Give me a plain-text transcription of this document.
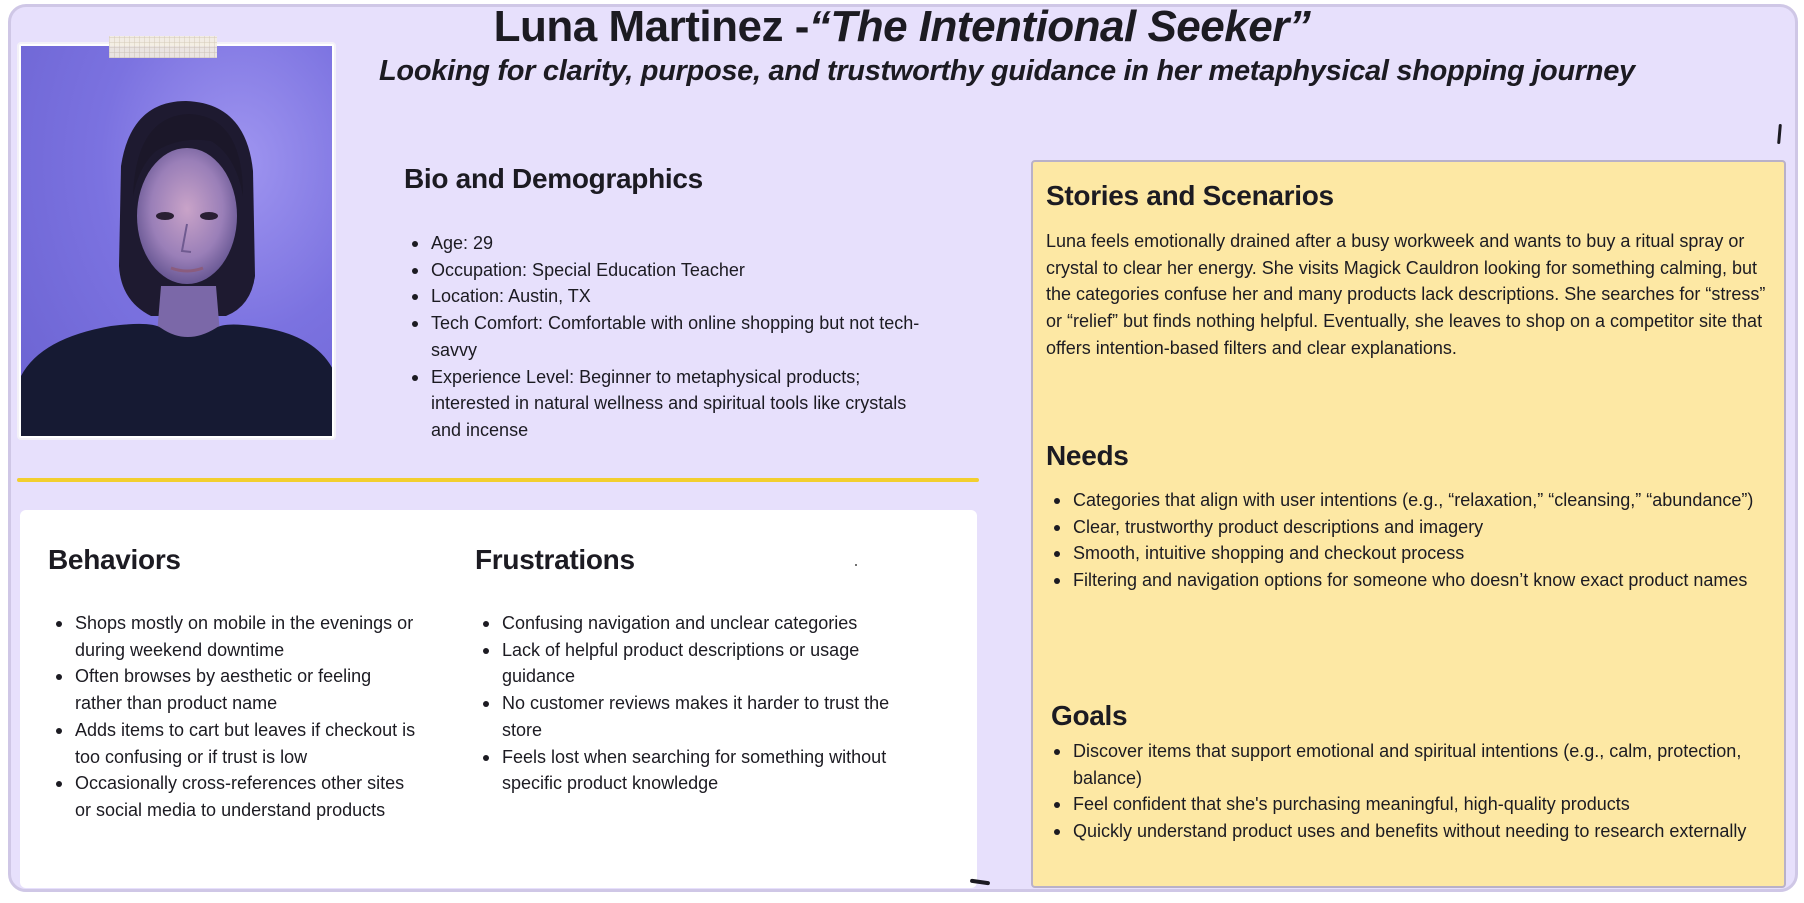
Luna Martinez -“The Intentional Seeker”
Looking for clarity, purpose, and trustworthy guidance in her metaphysical shopping journey
Bio and Demographics
Age: 29
Occupation: Special Education Teacher
Location: Austin, TX
Tech Comfort: Comfortable with online shopping but not tech-savvy
Experience Level: Beginner to metaphysical products; interested in natural wellness and spiritual tools like crystals and incense
Behaviors
Shops mostly on mobile in the evenings or during weekend downtime
Often browses by aesthetic or feeling rather than product name
Adds items to cart but leaves if checkout is too confusing or if trust is low
Occasionally cross-references other sites or social media to understand products
Frustrations
Confusing navigation and unclear categories
Lack of helpful product descriptions or usage guidance
No customer reviews makes it harder to trust the store
Feels lost when searching for something without specific product knowledge
Stories and Scenarios
Luna feels emotionally drained after a busy workweek and wants to buy a ritual spray or crystal to clear her energy. She visits Magick Cauldron looking for something calming, but the categories confuse her and many products lack descriptions. She searches for “stress” or “relief” but finds nothing helpful. Eventually, she leaves to shop on a competitor site that offers intention-based filters and clear explanations.
Needs
Categories that align with user intentions (e.g., “relaxation,” “cleansing,” “abundance”)
Clear, trustworthy product descriptions and imagery
Smooth, intuitive shopping and checkout process
Filtering and navigation options for someone who doesn’t know exact product names
Goals
Discover items that support emotional and spiritual intentions (e.g., calm, protection, balance)
Feel confident that she's purchasing meaningful, high-quality products
Quickly understand product uses and benefits without needing to research externally
